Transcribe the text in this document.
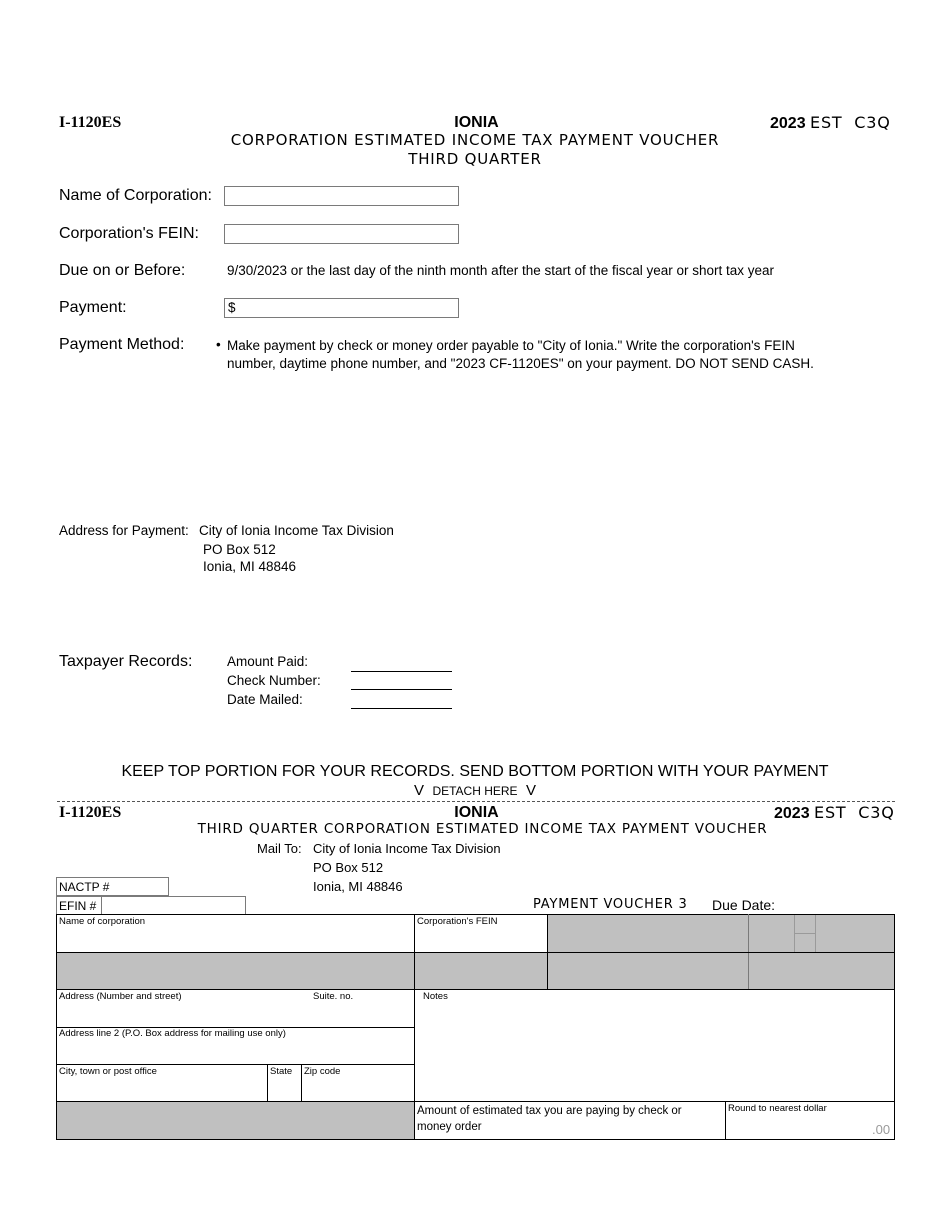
I-1120ES	IONIA	2023 EST  C3Q
CORPORATION ESTIMATED INCOME TAX PAYMENT VOUCHER
THIRD QUARTER
Name of Corporation:
Corporation's FEIN:
Due on or Before:	9/30/2023 or the last day of the ninth month after the start of the fiscal year or short tax year
Payment:	$
Payment Method: • Make payment by check or money order payable to "City of Ionia." Write the corporation's FEIN
number, daytime phone number, and "2023 CF-1120ES" on your payment. DO NOT SEND CASH.
Address for Payment: City of Ionia Income Tax Division
PO Box 512
Ionia, MI 48846
Taxpayer Records:	Amount Paid:
Check Number:
Date Mailed:
KEEP TOP PORTION FOR YOUR RECORDS. SEND BOTTOM PORTION WITH YOUR PAYMENT
V DETACH HERE V
I-1120ES	IONIA	2023 EST  C3Q
THIRD QUARTER CORPORATION ESTIMATED INCOME TAX PAYMENT VOUCHER
Mail To: City of Ionia Income Tax Division
PO Box 512
Ionia, MI 48846
NACTP #
EFIN #	PAYMENT VOUCHER 3 Due Date:
Name of corporation	Corporation's FEIN
Address (Number and street)	Suite. no.	Notes
Address line 2 (P.O. Box address for mailing use only)
City, town or post office	State Zip code
Amount of estimated tax you are paying by check or
money order
Round to nearest dollar
.00
